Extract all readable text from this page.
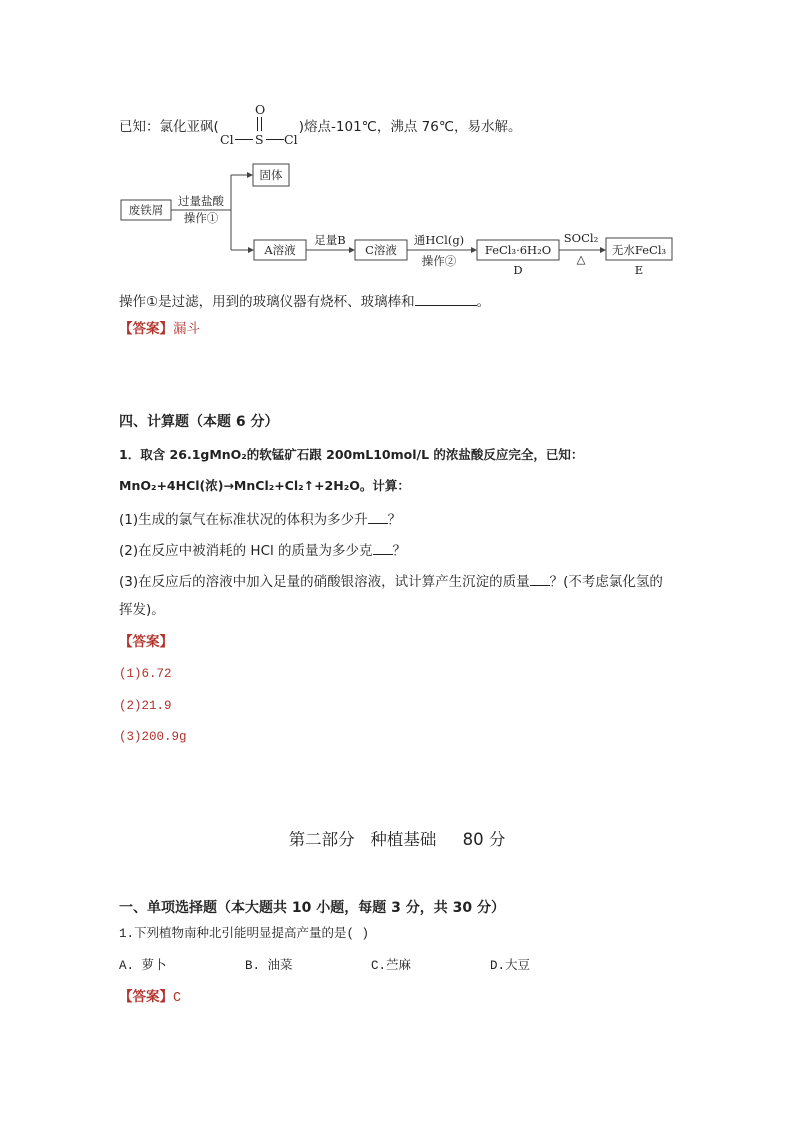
已知：氯化亚砜(	)熔点-101℃，沸点 76℃，易水解。
O
Cl S Cl
废铁屑
过量盐酸
操作①
固体
A溶液
足量B
C溶液
通HCl(g)
操作②
FeCl₃·6H₂O
D
SOCl₂
△
无水FeCl₃
E
操作①是过滤，用到的玻璃仪器有烧杯、玻璃棒和	。
【答案】漏斗
四、计算题（本题 6 分）
1．取含 26.1gMnO₂的软锰矿石跟 200mL10mol/L 的浓盐酸反应完全，已知：
MnO₂+4HCl(浓)→MnCl₂+Cl₂↑+2H₂O。计算：
(1)生成的氯气在标准状况的体积为多少升 ？
(2)在反应中被消耗的 HCl 的质量为多少克 ？
(3)在反应后的溶液中加入足量的硝酸银溶液，试计算产生沉淀的质量 ？(不考虑氯化氢的
挥发)。
【答案】
(1)6.72
(2)21.9
(3)200.9g
第二部分   种植基础     80 分
一、单项选择题（本大题共 10 小题，每题 3 分，共 30 分）
1.下列植物南种北引能明显提高产量的是( )
A. 萝卜	B. 油菜	C.苎麻	D.大豆
【答案】C
